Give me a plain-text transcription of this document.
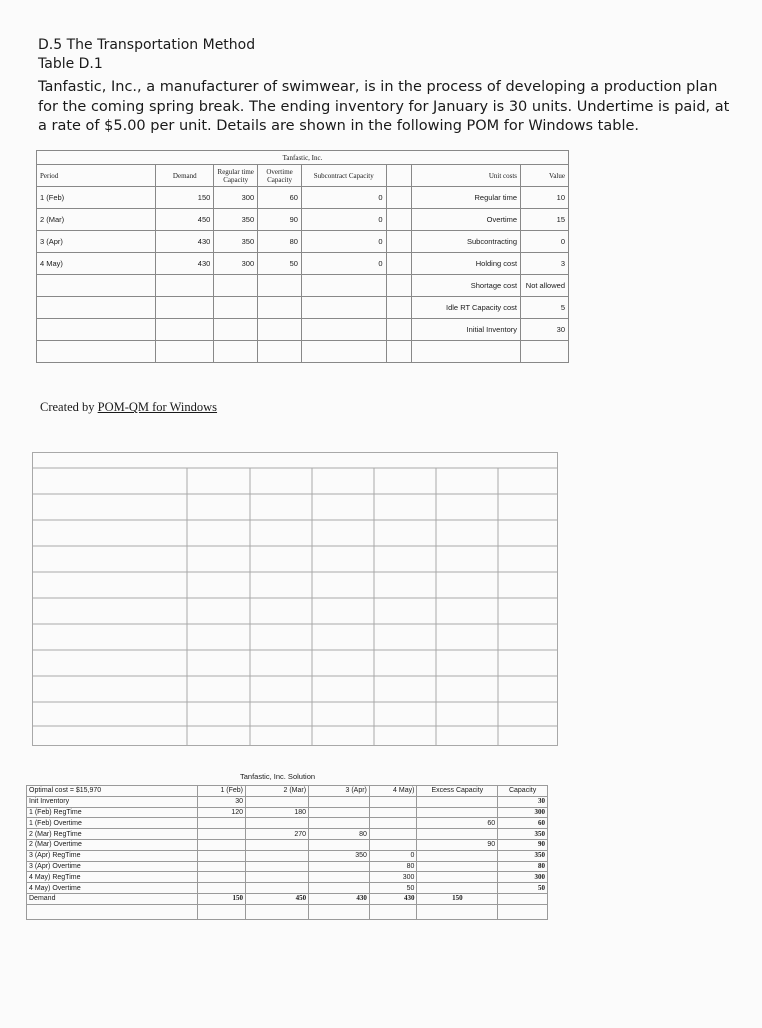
D.5 The Transportation Method
Table D.1
Tanfastic, Inc., a manufacturer of swimwear, is in the process of developing a production plan for the coming spring break. The ending inventory for January is 30 units. Undertime is paid, at a rate of $5.00 per unit. Details are shown in the following POM for Windows table.
Tanfastic, Inc.							
Period	Demand	Regular time Capacity	Overtime Capacity	Subcontract Capacity		Unit costs	Value
1 (Feb)	150	300	60	0		Regular time	10
2 (Mar)	450	350	90	0		Overtime	15
3 (Apr)	430	350	80	0		Subcontracting	0
4 May)	430	300	50	0		Holding cost	3
						Shortage cost	Not allowed
						Idle RT Capacity cost	5
						Initial Inventory	30

Created by POM-QM for Windows
Tanfastic, Inc. Solution
Optimal cost = $15,970	1 (Feb)	2 (Mar)	3 (Apr)	4 May)	Excess Capacity	Capacity
Init Inventory	30					30
1 (Feb) RegTime	120	180				300
1 (Feb) Overtime					60	60
2 (Mar) RegTime		270	80			350
2 (Mar) Overtime					90	90
3 (Apr) RegTime			350	0		350
3 (Apr) Overtime				80		80
4 May) RegTime				300		300
4 May) Overtime				50		50
Demand	150	450	430	430	150	
